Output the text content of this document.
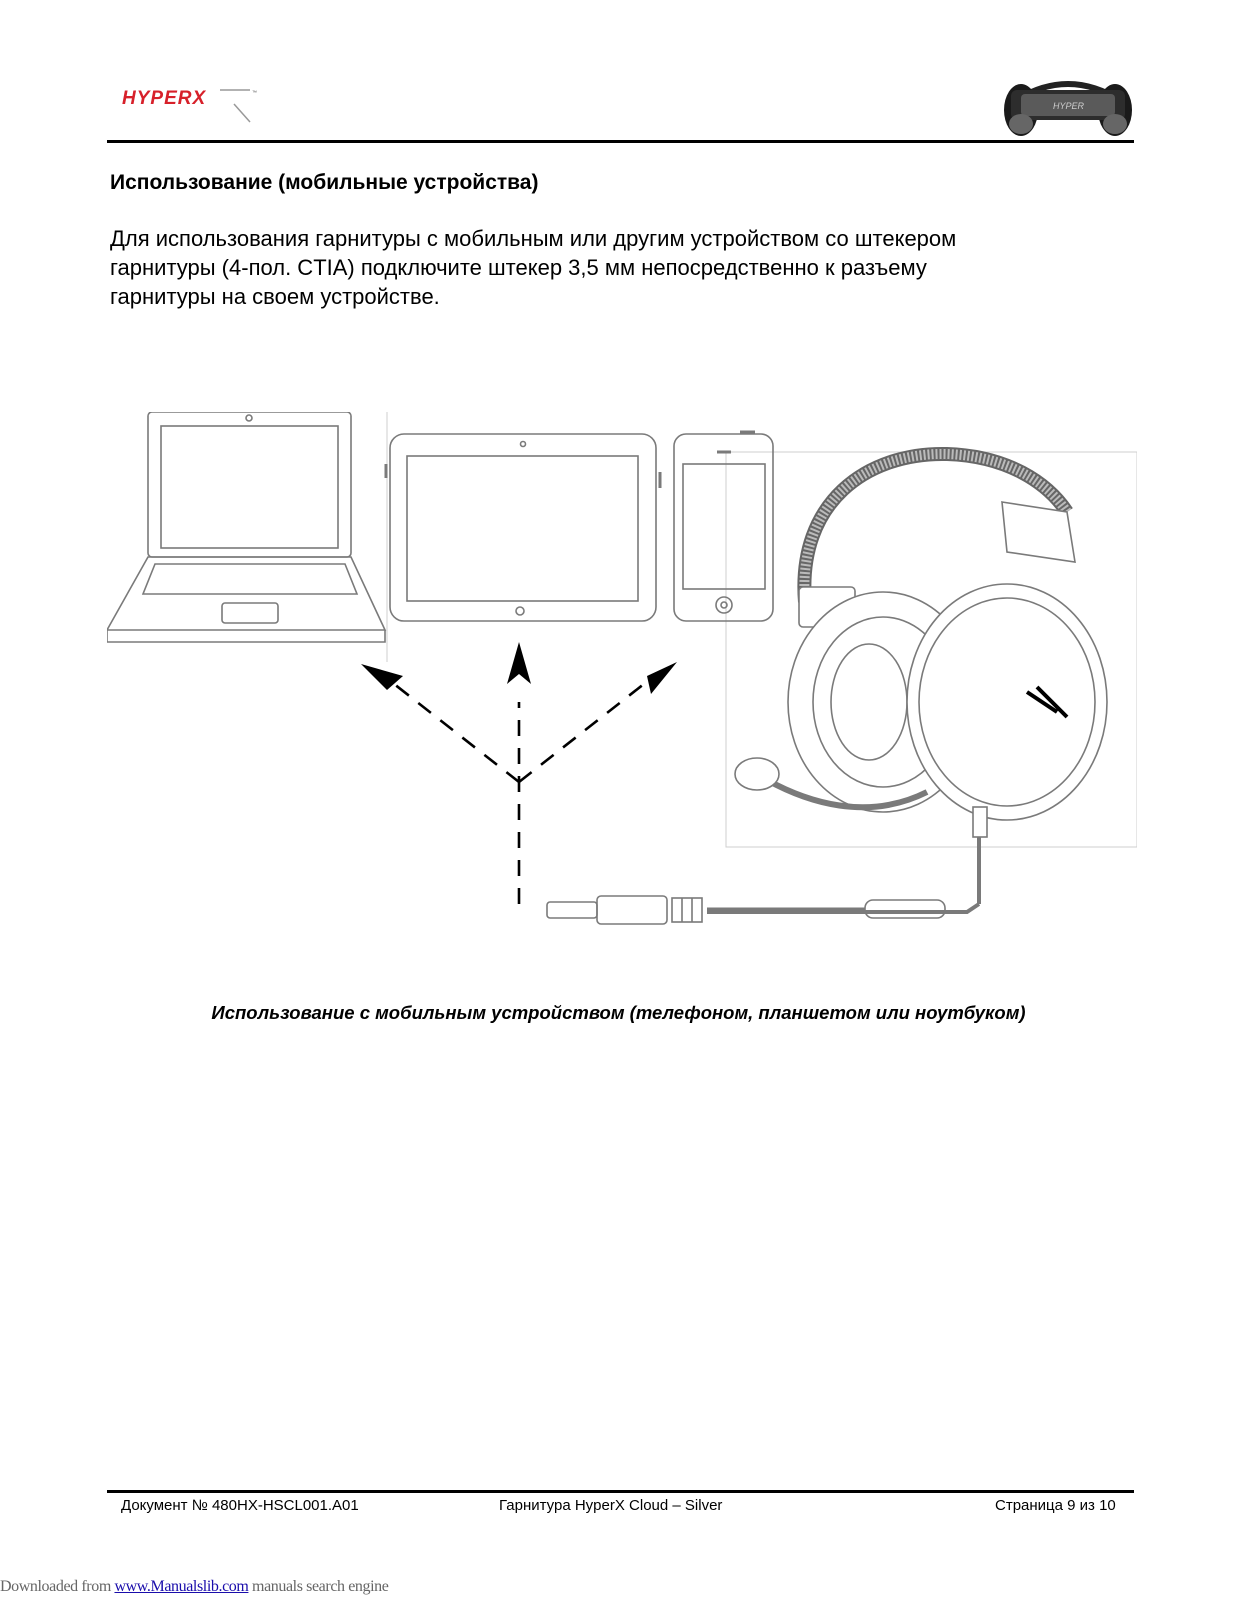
HYPERX	™
HYPER
Использование (мобильные устройства)
Для использования гарнитуры с мобильным или другим устройством со штекером
гарнитуры (4-пол. CTIA) подключите штекер 3,5 мм непосредственно к разъему
гарнитуры на своем устройстве.
Использование с мобильным устройством (телефоном, планшетом или ноутбуком)
Документ № 480HX-HSCL001.A01	Гарнитура HyperX Cloud – Silver	Страница 9 из 10
Downloaded from www.Manualslib.com manuals search engine
